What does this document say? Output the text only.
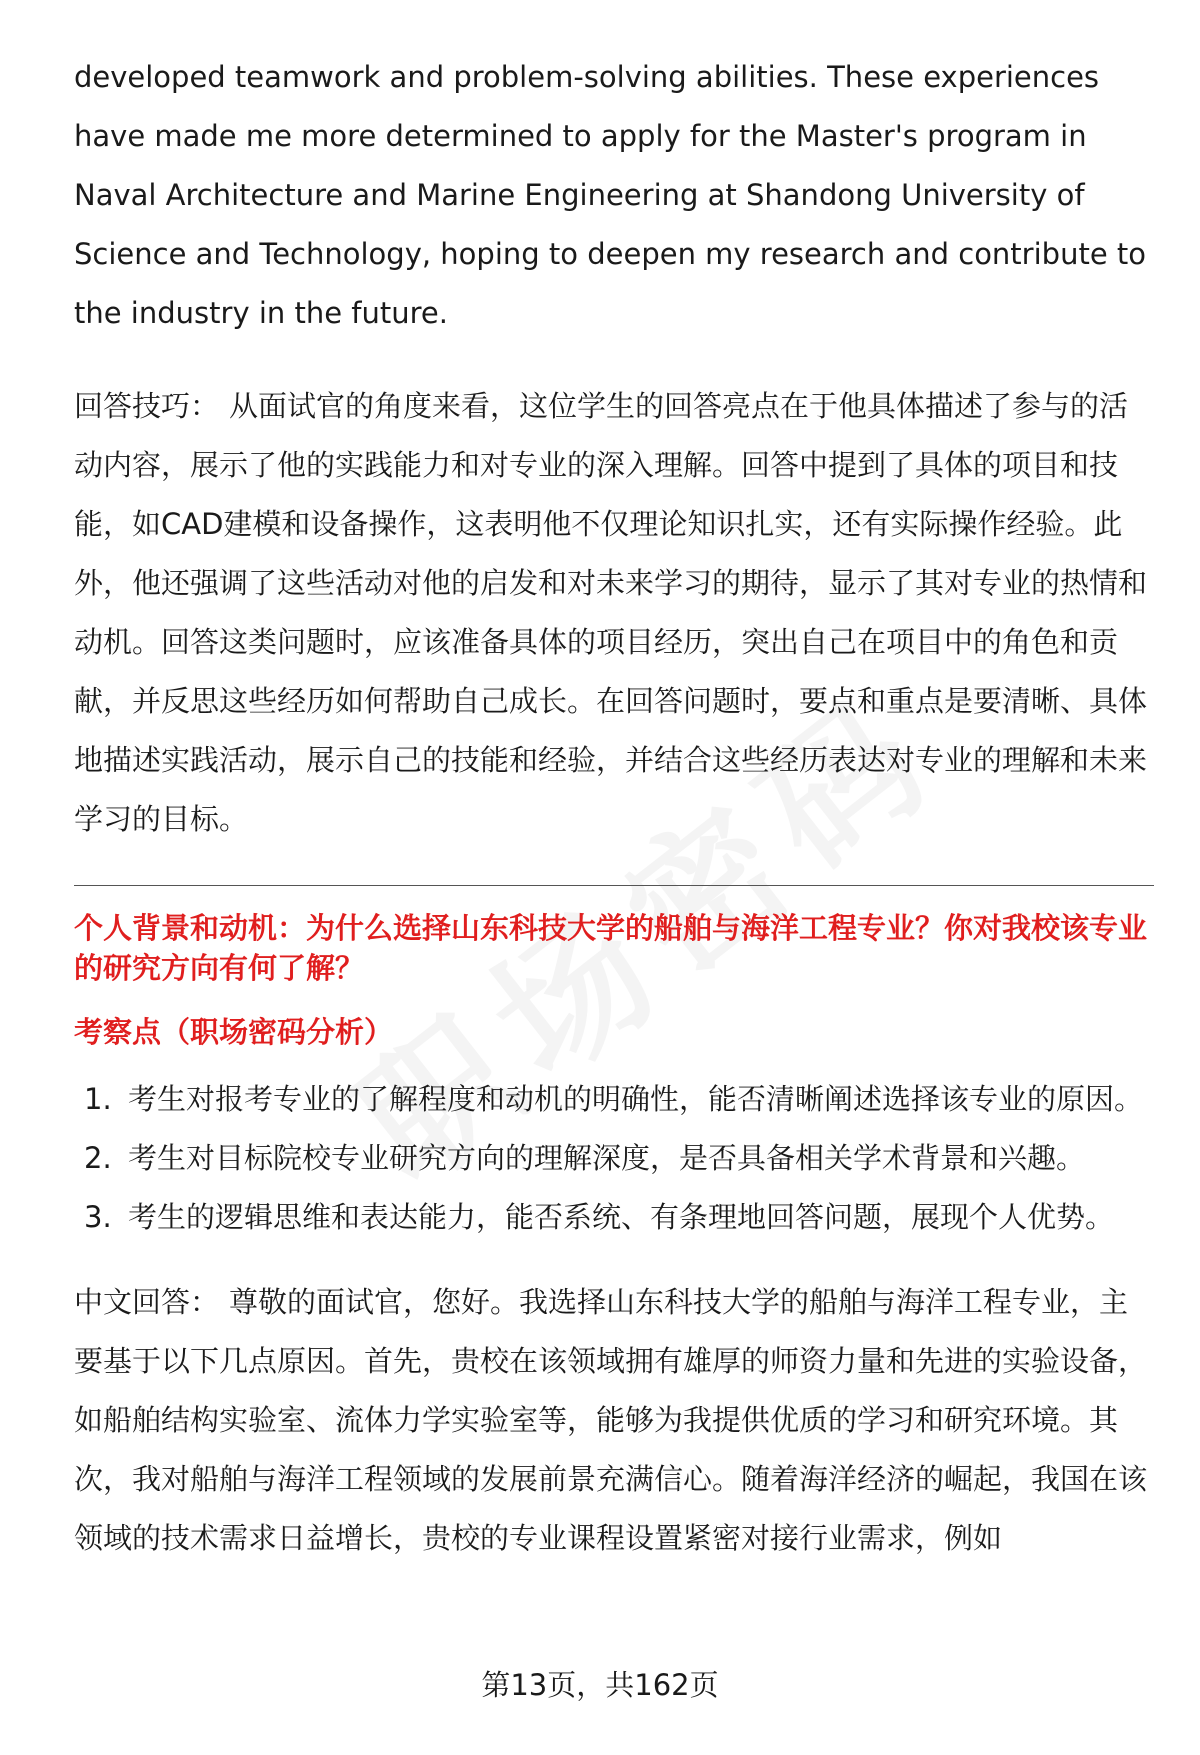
developed teamwork and problem-solving abilities. These experiences have made me more determined to apply for the Master's program in Naval Architecture and Marine Engineering at Shandong University of Science and Technology, hoping to deepen my research and contribute to the industry in the future.

回答技巧： 从面试官的角度来看，这位学生的回答亮点在于他具体描述了参与的活动内容，展示了他的实践能力和对专业的深入理解。回答中提到了具体的项目和技能，如CAD建模和设备操作，这表明他不仅理论知识扎实，还有实际操作经验。此外，他还强调了这些活动对他的启发和对未来学习的期待，显示了其对专业的热情和动机。回答这类问题时，应该准备具体的项目经历，突出自己在项目中的角色和贡献，并反思这些经历如何帮助自己成长。在回答问题时，要点和重点是要清晰、具体地描述实践活动，展示自己的技能和经验，并结合这些经历表达对专业的理解和未来学习的目标。

个人背景和动机：为什么选择山东科技大学的船舶与海洋工程专业？你对我校该专业的研究方向有何了解？

考察点（职场密码分析）

1. 考生对报考专业的了解程度和动机的明确性，能否清晰阐述选择该专业的原因。
2. 考生对目标院校专业研究方向的理解深度，是否具备相关学术背景和兴趣。
3. 考生的逻辑思维和表达能力，能否系统、有条理地回答问题，展现个人优势。

中文回答： 尊敬的面试官，您好。我选择山东科技大学的船舶与海洋工程专业，主要基于以下几点原因。首先，贵校在该领域拥有雄厚的师资力量和先进的实验设备，如船舶结构实验室、流体力学实验室等，能够为我提供优质的学习和研究环境。其次，我对船舶与海洋工程领域的发展前景充满信心。随着海洋经济的崛起，我国在该领域的技术需求日益增长，贵校的专业课程设置紧密对接行业需求，例如

第13页，共162页
